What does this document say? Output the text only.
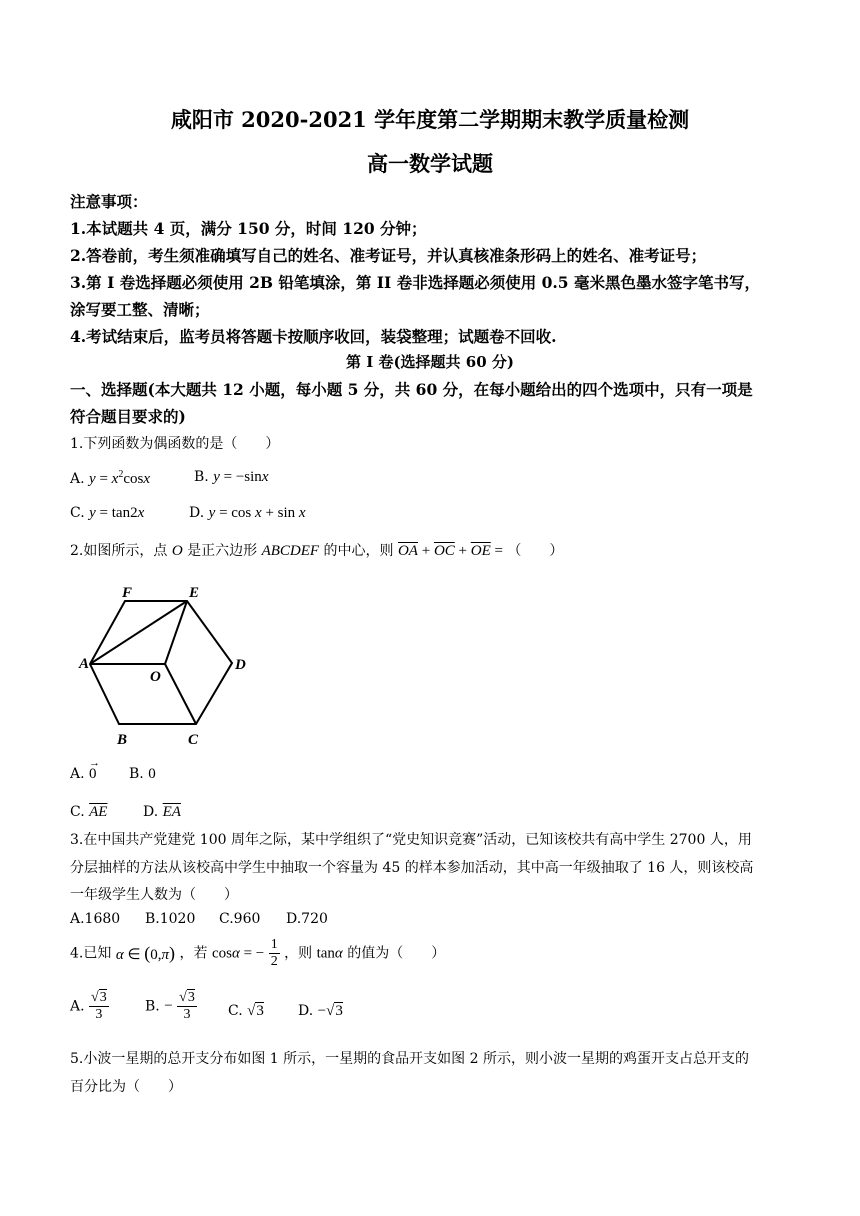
咸阳市 2020-2021 学年度第二学期期末教学质量检测
高一数学试题
注意事项：
1.本试题共 4 页，满分 150 分，时间 120 分钟；
2.答卷前，考生须准确填写自己的姓名、准考证号，并认真核准条形码上的姓名、准考证号；
3.第 I 卷选择题必须使用 2B 铅笔填涂，第 II 卷非选择题必须使用 0.5 毫米黑色墨水签字笔书写，
涂写要工整、清晰；
4.考试结束后，监考员将答题卡按顺序收回，装袋整理；试题卷不回收.
第 I 卷(选择题共 60 分)
一、选择题(本大题共 12 小题，每小题 5 分，共 60 分，在每小题给出的四个选项中，只有一项是
符合题目要求的)
1.下列函数为偶函数的是（　　）
A. $y = x^2\cos x$	B. y = −sinx
C. y = tan2x	D. y = cos x + sin x
2.如图所示，点 O 是正六边形 ABCDEF 的中心，则 $\overline{OA} + \overline{OC} + \overline{OE}$ = （　　）
F	E
A	D
O
B	C
A. 0
→
B. 0
C. $\overline{AE}$	D. $\overline{EA}$
3.在中国共产党建党 100 周年之际，某中学组织了“党史知识竞赛”活动，已知该校共有高中学生 2700 人，用
分层抽样的方法从该校高中学生中抽取一个容量为 45 的样本参加活动，其中高一年级抽取了 16 人，则该校高
一年级学生人数为（　　）
A.1680 B.1020 C.960 D.720
4.已知 α ∈ (0,π) ，若 cosα = − $\frac{1}{2}$ ，则 tanα 的值为（　　）
A. $\frac{√3}{3}$	B. − $\frac{√3}{3} C$. √3 D. −√3
5.小波一星期的总开支分布如图 1 所示，一星期的食品开支如图 2 所示，则小波一星期的鸡蛋开支占总开支的
百分比为（　　）
